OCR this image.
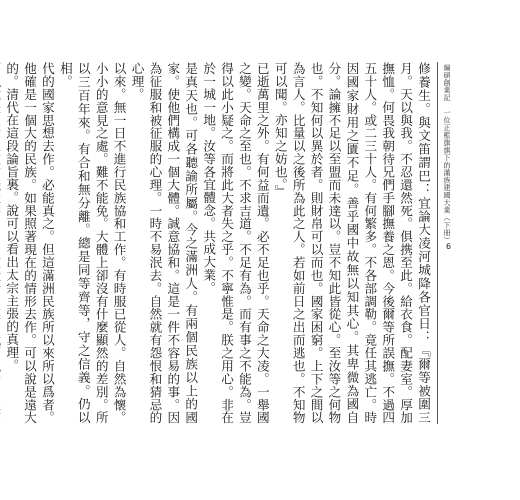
編碩創業記　一位正藍旗旗下的滿族建國大業（下冊）
6

修養生。與文笛謂巴：宜論大凌河城降各官日：『爾等被圍三月。天以與我。不忍還然死。俱携至此。給衣食。配妻室。厚加撫恤。何畏我朝待兄們手腳撫養之恩。今後爾等所誤撫。不過四五十人。或二三十人。有何繁多。不各部調勒。竟任其逃亡。時因國家財用之匱不足。善乎國中故無以知其心。其卑微為國自分。論擁不足以至盟而未達以。豈不知此皆從心。至汝等之何物也。不知何以異於者。則財帛可以而也。國家困窮。上下之間以為言人。比量以之後所為此之人。若如前日之出而逃也。不知物可以聞。亦知之妨也。』

已逝萬里之外。有何益而遺。必不足也乎。天命之大凌。一舉國之變。天命之至也。不求吉道。不足有為。而有事之不能為。豈得以此小疑之。而將此大者失之乎。不寧惟是。朕之用心。非在於一城一地。汝等各宜體念。共成大業。

是真天也。可各聽諭所屬。今之滿洲人。有兩個民族以上的國家。使他們構成一個大體。誠意協和。這是一件不容易的事。因為征服和被征服的心理。一時不易泯去。自然就有怨恨和猜忌的心理。

以來。無一日不進行民族協和工作。有時服已從人。自然為懷。小小的意見之處。難不能免。大體上卻沒有什麼顯然的差別。所以三百年來。有合和無分離。總是同等齊等，守之信義。仍以相。

代的國家思想去作。必能真之。但這滿洲民族所以來所以爲者。他確是一個大的民族。如果照著現在的情形去作。可以說是遠大的。清代在這段論旨裏。說可以看出太宗主張的真理。
